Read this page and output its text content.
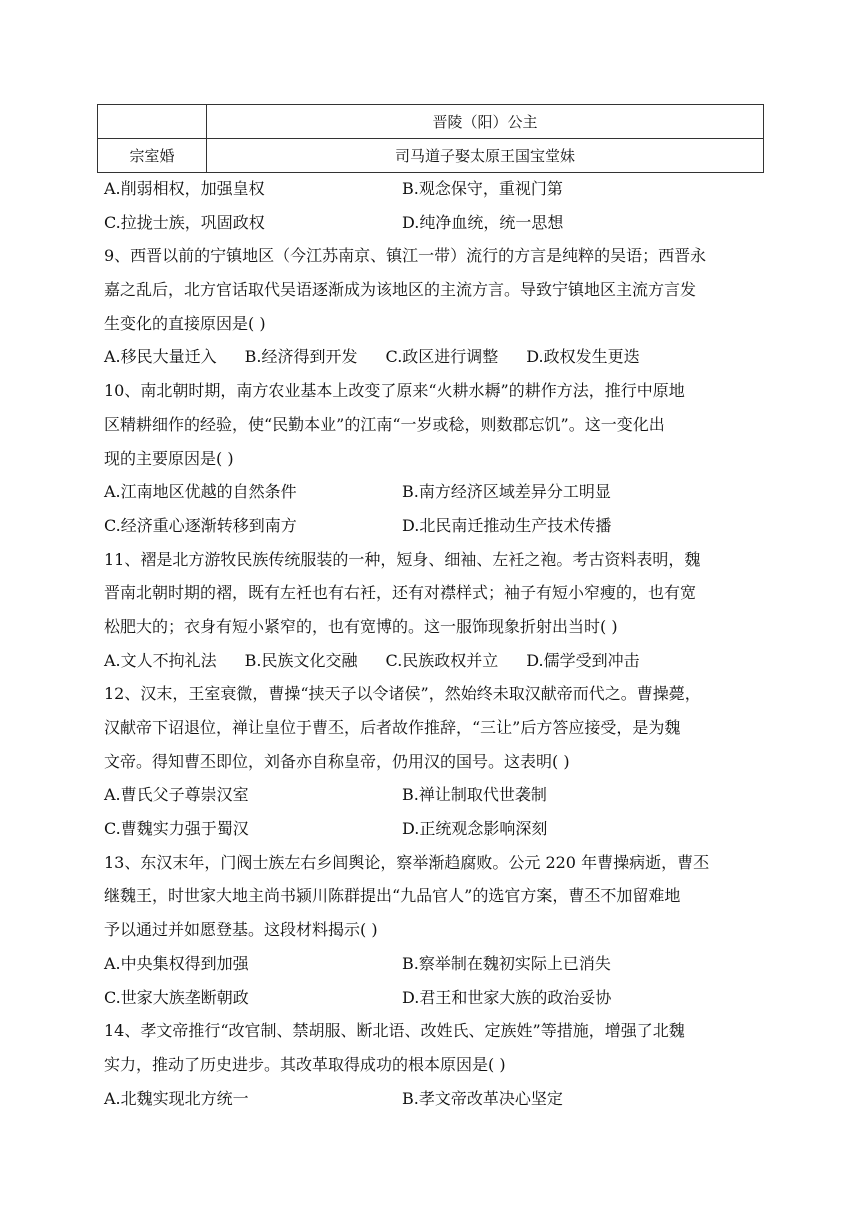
	晋陵（阳）公主
宗室婚	司马道子娶太原王国宝堂妹
A.削弱相权，加强皇权	B.观念保守，重视门第
C.拉拢士族，巩固政权	D.纯净血统，统一思想
9、西晋以前的宁镇地区（今江苏南京、镇江一带）流行的方言是纯粹的吴语；西晋永
嘉之乱后，北方官话取代吴语逐渐成为该地区的主流方言。导致宁镇地区主流方言发
生变化的直接原因是( )
A.移民大量迁入 B.经济得到开发 C.政区进行调整 D.政权发生更迭
10、南北朝时期，南方农业基本上改变了原来“火耕水耨”的耕作方法，推行中原地
区精耕细作的经验，使“民勤本业”的江南“一岁或稔，则数郡忘饥”。这一变化出
现的主要原因是( )
A.江南地区优越的自然条件	B.南方经济区域差异分工明显
C.经济重心逐渐转移到南方	D.北民南迁推动生产技术传播
11、褶是北方游牧民族传统服装的一种，短身、细袖、左衽之袍。考古资料表明，魏
晋南北朝时期的褶，既有左衽也有右衽，还有对襟样式；袖子有短小窄瘦的，也有宽
松肥大的；衣身有短小紧窄的，也有宽博的。这一服饰现象折射出当时( )
A.文人不拘礼法 B.民族文化交融 C.民族政权并立 D.儒学受到冲击
12、汉末，王室衰微，曹操“挟天子以令诸侯”，然始终未取汉献帝而代之。曹操薨，
汉献帝下诏退位，禅让皇位于曹丕，后者故作推辞，“三让”后方答应接受，是为魏
文帝。得知曹丕即位，刘备亦自称皇帝，仍用汉的国号。这表明( )
A.曹氏父子尊崇汉室	B.禅让制取代世袭制
C.曹魏实力强于蜀汉	D.正统观念影响深刻
13、东汉末年，门阀士族左右乡闾舆论，察举渐趋腐败。公元 220 年曹操病逝，曹丕
继魏王，时世家大地主尚书颍川陈群提出“九品官人”的选官方案，曹丕不加留难地
予以通过并如愿登基。这段材料揭示( )
A.中央集权得到加强	B.察举制在魏初实际上已消失
C.世家大族垄断朝政	D.君王和世家大族的政治妥协
14、孝文帝推行“改官制、禁胡服、断北语、改姓氏、定族姓”等措施，增强了北魏
实力，推动了历史进步。其改革取得成功的根本原因是( )
A.北魏实现北方统一	B.孝文帝改革决心坚定
